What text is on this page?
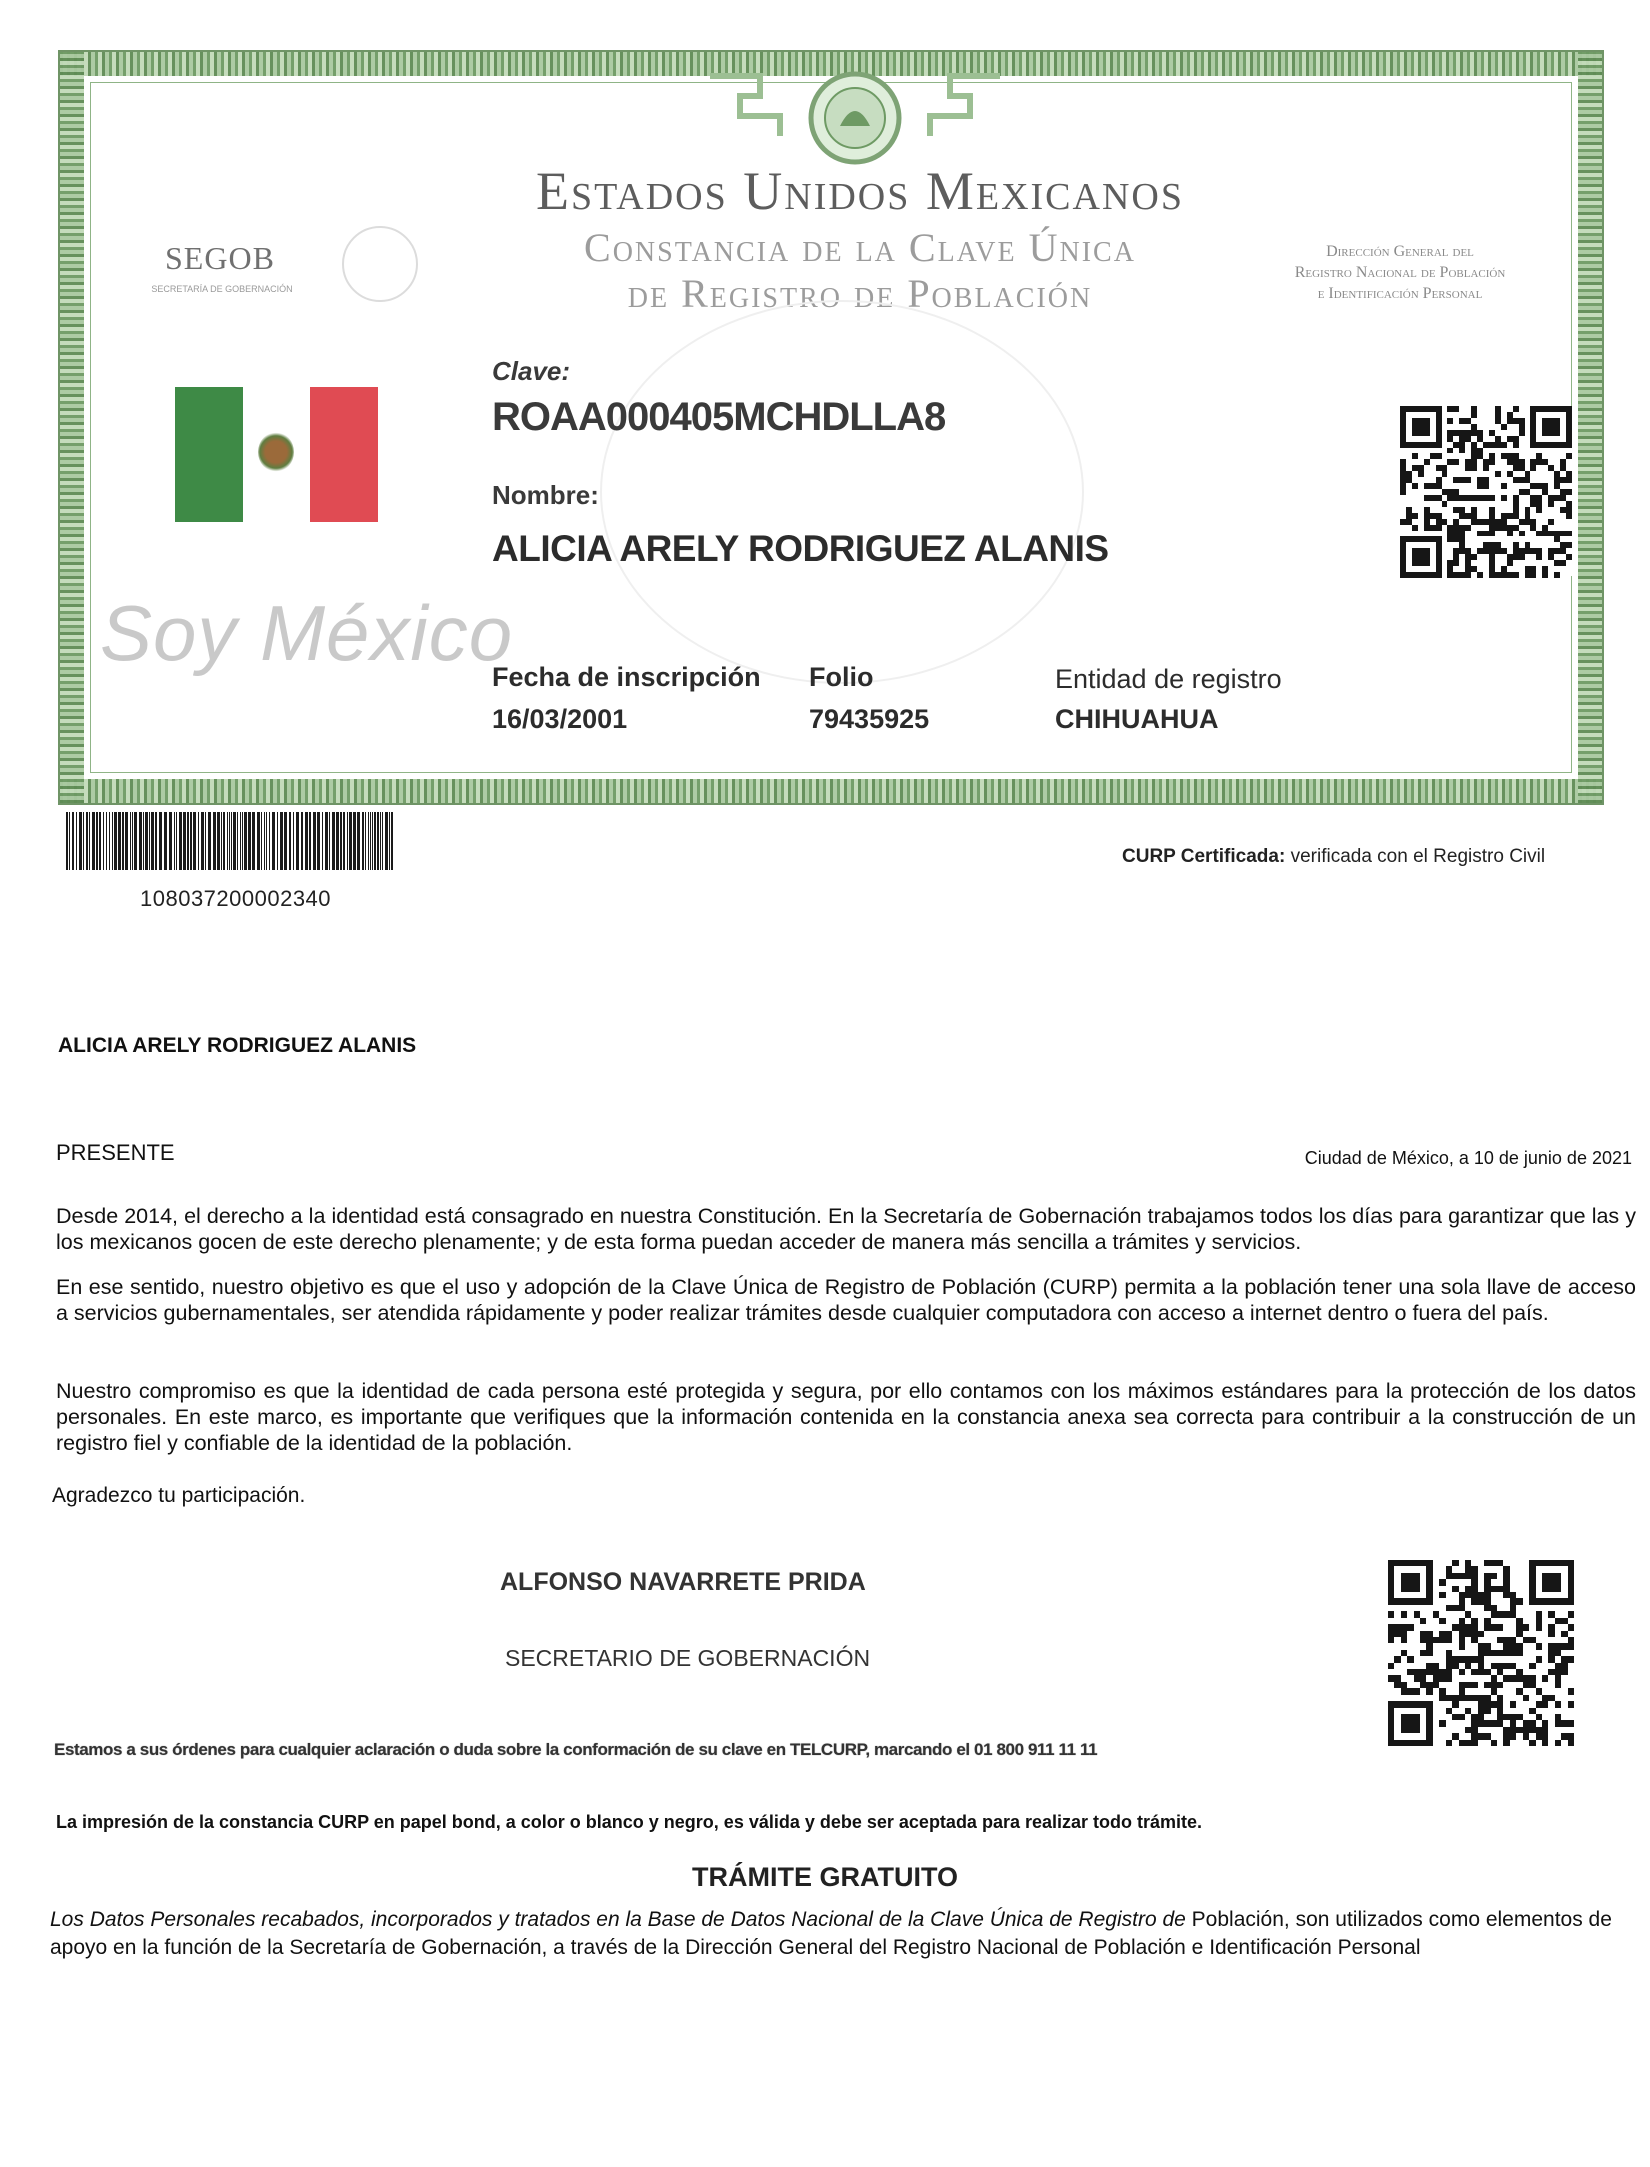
Estados Unidos Mexicanos
Constancia de la Clave Única
de Registro de Población
SEGOB
SECRETARÍA DE GOBERNACIÓN
Dirección General del
Registro Nacional de Población
e Identificación Personal
Soy México
Clave:
ROAA000405MCHDLLA8
Nombre:
ALICIA ARELY RODRIGUEZ ALANIS
Fecha de inscripción
16/03/2001
Folio
79435925
Entidad de registro
CHIHUAHUA
108037200002340
CURP Certificada: verificada con el Registro Civil
ALICIA ARELY RODRIGUEZ ALANIS
PRESENTE	Ciudad de México, a 10 de junio de 2021
Desde 2014, el derecho a la identidad está consagrado en nuestra Constitución. En la Secretaría de Gobernación trabajamos todos los días para garantizar que las y los mexicanos gocen de este derecho plenamente; y de esta forma puedan acceder de manera más sencilla a trámites y servicios.
En ese sentido, nuestro objetivo es que el uso y adopción de la Clave Única de Registro de Población (CURP) permita a la población tener una sola llave de acceso a servicios gubernamentales, ser atendida rápidamente y poder realizar trámites desde cualquier computadora con acceso a internet dentro o fuera del país.
Nuestro compromiso es que la identidad de cada persona esté protegida y segura, por ello contamos con los máximos estándares para la protección de los datos personales. En este marco, es importante que verifiques que la información contenida en la constancia anexa sea correcta para contribuir a la construcción de un registro fiel y confiable de la identidad de la población.
Agradezco tu participación.
ALFONSO NAVARRETE PRIDA
SECRETARIO DE GOBERNACIÓN
Estamos a sus órdenes para cualquier aclaración o duda sobre la conformación de su clave en TELCURP, marcando el 01 800 911 11 11
La impresión de la constancia CURP en papel bond, a color o blanco y negro, es válida y debe ser aceptada para realizar todo trámite.
TRÁMITE GRATUITO
Los Datos Personales recabados, incorporados y tratados en la Base de Datos Nacional de la Clave Única de Registro de Población, son utilizados como elementos de apoyo en la función de la Secretaría de Gobernación, a través de la Dirección General del Registro Nacional de Población e Identificación Personal
